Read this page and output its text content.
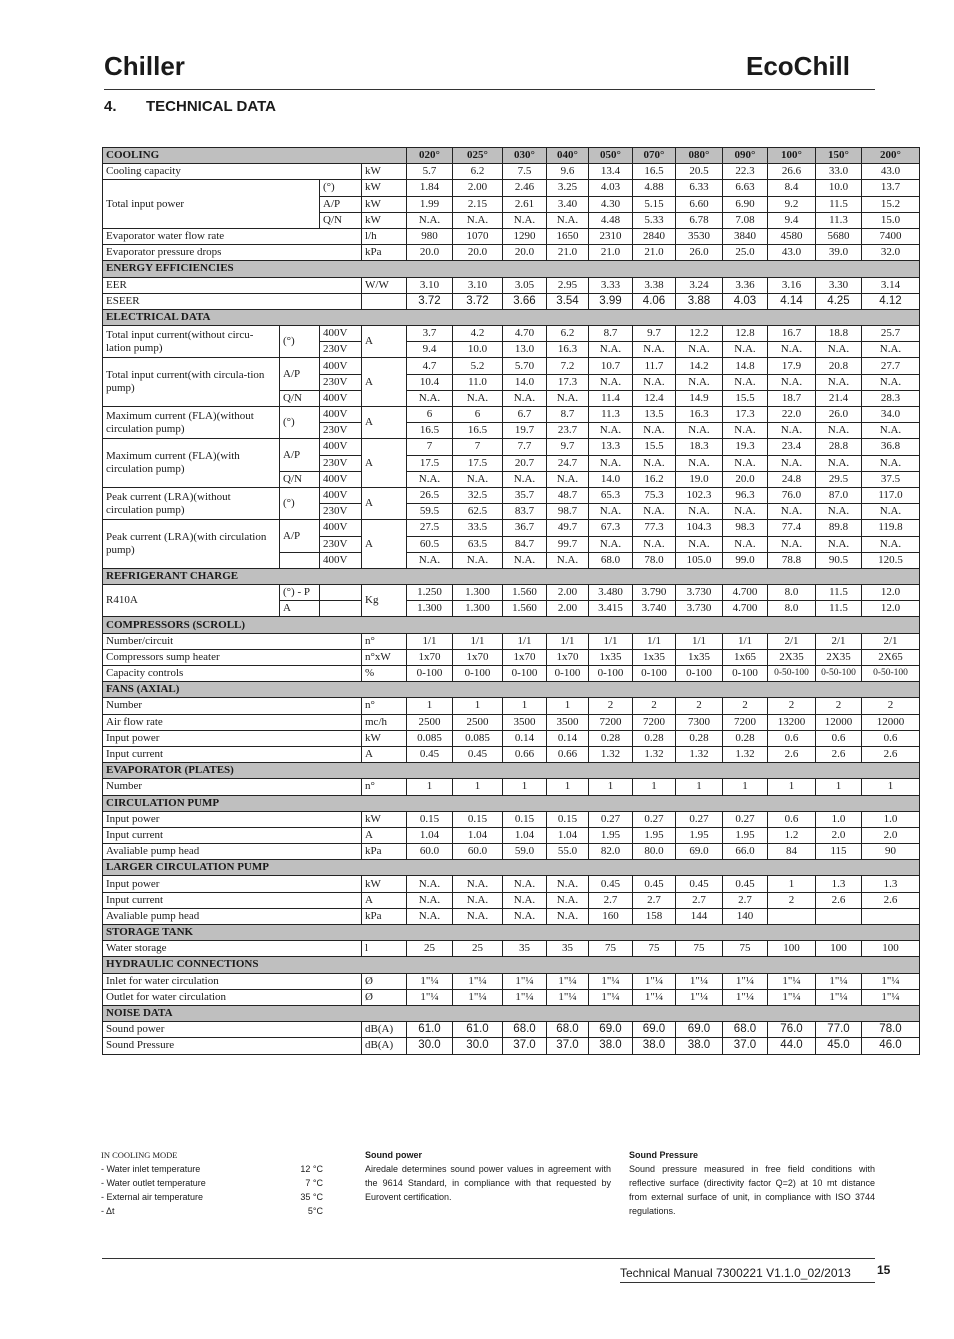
Chiller	EcoChill
4. TECHNICAL DATA
COOLING				020°	025°	030°	040°	050°	070°	080°	090°	100°	150°	200°
Cooling capacity			kW	5.7	6.2	7.5	9.6	13.4	16.5	20.5	22.3	26.6	33.0	43.0
Total input power		(°)	kW	1.84	2.00	2.46	3.25	4.03	4.88	6.33	6.63	8.4	10.0	13.7
		A/P	kW	1.99	2.15	2.61	3.40	4.30	5.15	6.60	6.90	9.2	11.5	15.2
		Q/N	kW	N.A.	N.A.	N.A.	N.A.	4.48	5.33	6.78	7.08	9.4	11.3	15.0
Evaporator water flow rate			l/h	980	1070	1290	1650	2310	2840	3530	3840	4580	5680	7400
Evaporator pressure drops			kPa	20.0	20.0	20.0	21.0	21.0	21.0	26.0	25.0	43.0	39.0	32.0
ENERGY EFFICIENCIES														
EER			W/W	3.10	3.10	3.05	2.95	3.33	3.38	3.24	3.36	3.16	3.30	3.14
ESEER				3.72	3.72	3.66	3.54	3.99	4.06	3.88	4.03	4.14	4.25	4.12
ELECTRICAL DATA														
Total input current(without circu-lation pump)	(°)	400V	A	3.7	4.2	4.70	6.2	8.7	9.7	12.2	12.8	16.7	18.8	25.7
		230V		9.4	10.0	13.0	16.3	N.A.	N.A.	N.A.	N.A.	N.A.	N.A.	N.A.
Total input current(with circula-tion pump)	A/P	400V	A	4.7	5.2	5.70	7.2	10.7	11.7	14.2	14.8	17.9	20.8	27.7
		230V		10.4	11.0	14.0	17.3	N.A.	N.A.	N.A.	N.A.	N.A.	N.A.	N.A.
	Q/N	400V		N.A.	N.A.	N.A.	N.A.	11.4	12.4	14.9	15.5	18.7	21.4	28.3
Maximum current (FLA)(without circulation pump)	(°)	400V	A	6	6	6.7	8.7	11.3	13.5	16.3	17.3	22.0	26.0	34.0
		230V		16.5	16.5	19.7	23.7	N.A.	N.A.	N.A.	N.A.	N.A.	N.A.	N.A.
Maximum current (FLA)(with circulation pump)	A/P	400V	A	7	7	7.7	9.7	13.3	15.5	18.3	19.3	23.4	28.8	36.8
		230V		17.5	17.5	20.7	24.7	N.A.	N.A.	N.A.	N.A.	N.A.	N.A.	N.A.
	Q/N	400V		N.A.	N.A.	N.A.	N.A.	14.0	16.2	19.0	20.0	24.8	29.5	37.5
Peak current (LRA)(without circulation pump)	(°)	400V	A	26.5	32.5	35.7	48.7	65.3	75.3	102.3	96.3	76.0	87.0	117.0
		230V		59.5	62.5	83.7	98.7	N.A.	N.A.	N.A.	N.A.	N.A.	N.A.	N.A.
Peak current (LRA)(with circulation pump)	A/P	400V	A	27.5	33.5	36.7	49.7	67.3	77.3	104.3	98.3	77.4	89.8	119.8
		230V		60.5	63.5	84.7	99.7	N.A.	N.A.	N.A.	N.A.	N.A.	N.A.	N.A.
		400V		N.A.	N.A.	N.A.	N.A.	68.0	78.0	105.0	99.0	78.8	90.5	120.5
REFRIGERANT CHARGE														
R410A	(°) - P		Kg	1.250	1.300	1.560	2.00	3.480	3.790	3.730	4.700	8.0	11.5	12.0
	A			1.300	1.300	1.560	2.00	3.415	3.740	3.730	4.700	8.0	11.5	12.0
COMPRESSORS (SCROLL)														
Number/circuit			n°	1/1	1/1	1/1	1/1	1/1	1/1	1/1	1/1	2/1	2/1	2/1
Compressors sump heater			n°xW	1x70	1x70	1x70	1x70	1x35	1x35	1x35	1x65	2X35	2X35	2X65
Capacity controls			%	0-100	0-100	0-100	0-100	0-100	0-100	0-100	0-100	0-50-100	0-50-100	0-50-100
FANS (AXIAL)														
Number			n°	1	1	1	1	2	2	2	2	2	2	2
Air flow rate			mc/h	2500	2500	3500	3500	7200	7200	7300	7200	13200	12000	12000
Input power			kW	0.085	0.085	0.14	0.14	0.28	0.28	0.28	0.28	0.6	0.6	0.6
Input current			A	0.45	0.45	0.66	0.66	1.32	1.32	1.32	1.32	2.6	2.6	2.6
EVAPORATOR (PLATES)														
Number			n°	1	1	1	1	1	1	1	1	1	1	1
CIRCULATION PUMP														
Input power			kW	0.15	0.15	0.15	0.15	0.27	0.27	0.27	0.27	0.6	1.0	1.0
Input current			A	1.04	1.04	1.04	1.04	1.95	1.95	1.95	1.95	1.2	2.0	2.0
Avaliable pump head			kPa	60.0	60.0	59.0	55.0	82.0	80.0	69.0	66.0	84	115	90
LARGER CIRCULATION PUMP														
Input power			kW	N.A.	N.A.	N.A.	N.A.	0.45	0.45	0.45	0.45	1	1.3	1.3
Input current			A	N.A.	N.A.	N.A.	N.A.	2.7	2.7	2.7	2.7	2	2.6	2.6
Avaliable pump head			kPa	N.A.	N.A.	N.A.	N.A.	160	158	144	140			
STORAGE TANK														
Water storage			l	25	25	35	35	75	75	75	75	100	100	100
HYDRAULIC CONNECTIONS														
Inlet for water circulation			Ø	1"¼	1"¼	1"¼	1"¼	1"¼	1"¼	1"¼	1"¼	1"¼	1"¼	1"¼
Outlet for water circulation			Ø	1"¼	1"¼	1"¼	1"¼	1"¼	1"¼	1"¼	1"¼	1"¼	1"¼	1"¼
NOISE DATA														
Sound power			dB(A)	61.0	61.0	68.0	68.0	69.0	69.0	69.0	68.0	76.0	77.0	78.0
Sound Pressure			dB(A)	30.0	30.0	37.0	37.0	38.0	38.0	38.0	37.0	44.0	45.0	46.0
IN COOLING MODE
- Water inlet temperature	12 °C
- Water outlet temperature	7 °C
- External air temperature	35 °C
- Δt	5°C
Sound power
Airedale determines sound power values in agreement with the 9614 Standard, in compliance with that requested by Eurovent certification.
Sound Pressure
Sound pressure measured in free field conditions with reflective surface (directivity factor Q=2) at 10 mt distance from external surface of unit, in compliance with ISO 3744 regulations.
Technical Manual 7300221 V1.1.0_02/2013 15
